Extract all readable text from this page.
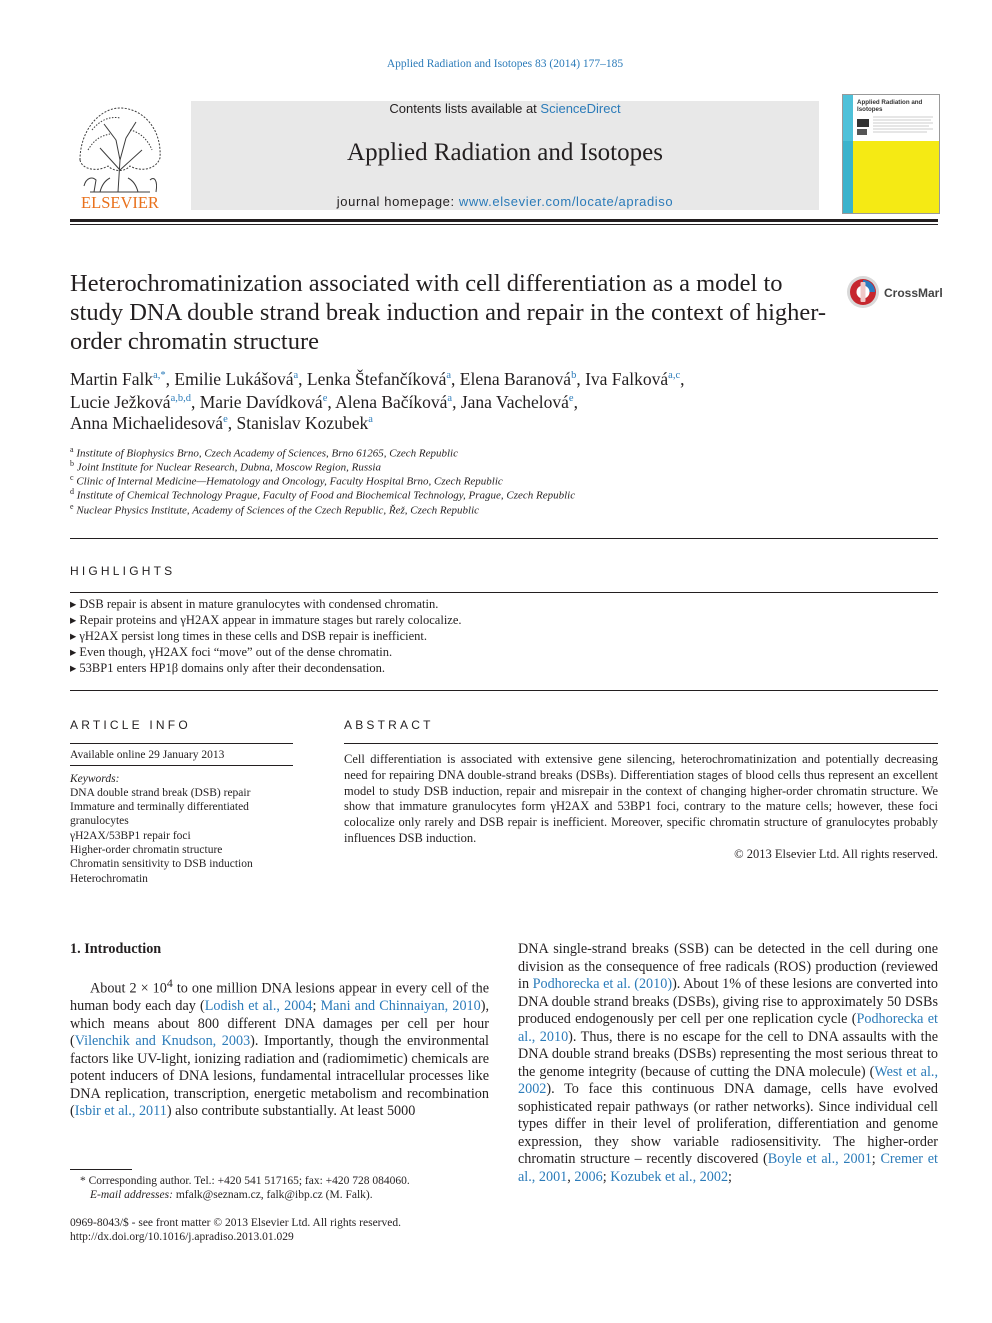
Applied Radiation and Isotopes 83 (2014) 177–185
ELSEVIER
Contents lists available at ScienceDirect
Applied Radiation and Isotopes
journal homepage: www.elsevier.com/locate/apradiso
Applied Radiation and
Isotopes
Heterochromatinization associated with cell differentiation as a model to study DNA double strand break induction and repair in the context of higher-order chromatin structure
CrossMark
Martin Falk$^{a,*}$, Emilie Lukášová$^a$, Lenka Štefančíková$^a$, Elena Baranová$^b$, Iva Falková$^{a,c}$,
Lucie Ježková$^{a,b,d}$, Marie Davídková$^e$, Alena Bačíková$^a$, Jana Vachelová$^e$,
Anna Michaelidesová$^e$, Stanislav Kozubek$^a$
$^a$ Institute of Biophysics Brno, Czech Academy of Sciences, Brno 61265, Czech Republic
$^b$ Joint Institute for Nuclear Research, Dubna, Moscow Region, Russia
$^c$ Clinic of Internal Medicine—Hematology and Oncology, Faculty Hospital Brno, Czech Republic
$^d$ Institute of Chemical Technology Prague, Faculty of Food and Biochemical Technology, Prague, Czech Republic
$^e$ Nuclear Physics Institute, Academy of Sciences of the Czech Republic, Řež, Czech Republic
HIGHLIGHTS
▸ DSB repair is absent in mature granulocytes with condensed chromatin.
▸ Repair proteins and γH2AX appear in immature stages but rarely colocalize.
▸ γH2AX persist long times in these cells and DSB repair is inefficient.
▸ Even though, γH2AX foci “move” out of the dense chromatin.
▸ 53BP1 enters HP1β domains only after their decondensation.
ARTICLE INFO
Available online 29 January 2013
Keywords:
DNA double strand break (DSB) repair
Immature and terminally differentiated
granulocytes
γH2AX/53BP1 repair foci
Higher-order chromatin structure
Chromatin sensitivity to DSB induction
Heterochromatin
ABSTRACT
Cell differentiation is associated with extensive gene silencing, heterochromatinization and potentially decreasing need for repairing DNA double-strand breaks (DSBs). Differentiation stages of blood cells thus represent an excellent model to study DSB induction, repair and misrepair in the context of changing higher-order chromatin structure. We show that immature granulocytes form γH2AX and 53BP1 foci, contrary to the mature cells; however, these foci colocalize only rarely and DSB repair is inefficient. Moreover, specific chromatin structure of granulocytes probably influences DSB induction.
© 2013 Elsevier Ltd. All rights reserved.
1. Introduction
About $2 \times 10^4$ to one million DNA lesions appear in every cell of the human body each day (Lodish et al., 2004; Mani and Chinnaiyan, 2010), which means about 800 different DNA damages per cell per hour (Vilenchik and Knudson, 2003). Importantly, though the environmental factors like UV-light, ionizing radiation and (radiomimetic) chemicals are potent inducers of DNA lesions, fundamental intracellular processes like DNA replication, transcription, energetic metabolism and recombination (Isbir et al., 2011) also contribute substantially. At least 5000
DNA single-strand breaks (SSB) can be detected in the cell during one division as the consequence of free radicals (ROS) production (reviewed in Podhorecka et al. (2010)). About 1% of these lesions are converted into DNA double strand breaks (DSBs), giving rise to approximately 50 DSBs produced endogenously per cell per one replication cycle (Podhorecka et al., 2010). Thus, there is no escape for the cell to DNA assaults with the DNA double strand breaks (DSBs) representing the most serious threat to the genome integrity (because of cutting the DNA molecule) (West et al., 2002). To face this continuous DNA damage, cells have evolved sophisticated repair pathways (or rather networks). Since individual cell types differ in their level of proliferation, differentiation and genome expression, they show variable radiosensitivity. The higher-order chromatin structure – recently discovered (Boyle et al., 2001; Cremer et al., 2001, 2006; Kozubek et al., 2002;
* Corresponding author. Tel.: +420 541 517165; fax: +420 728 084060.
E-mail addresses: mfalk@seznam.cz, falk@ibp.cz (M. Falk).
0969-8043/$ - see front matter © 2013 Elsevier Ltd. All rights reserved.
http://dx.doi.org/10.1016/j.apradiso.2013.01.029
